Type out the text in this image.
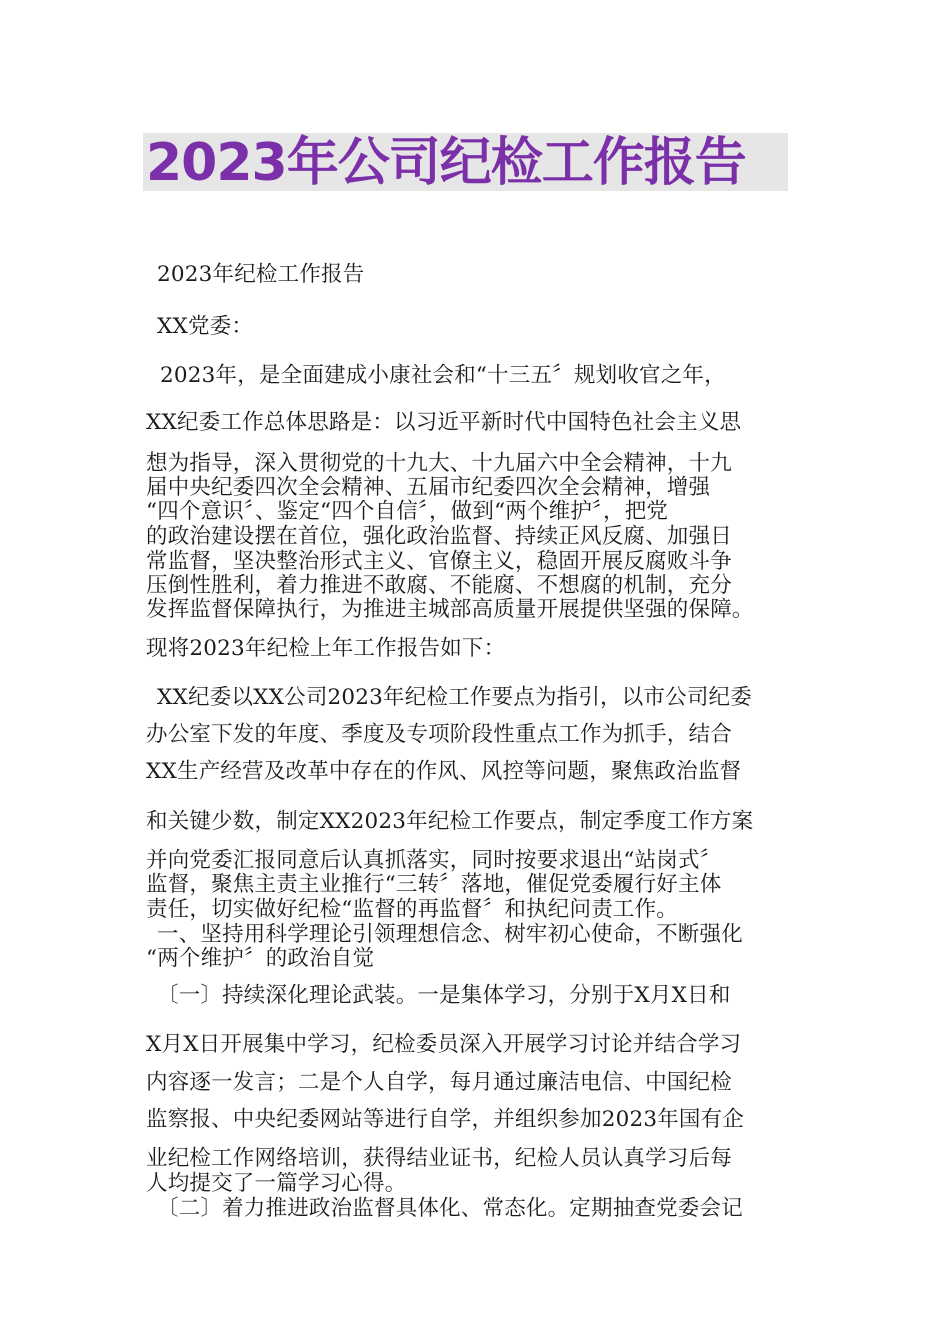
2023年公司纪检工作报告
2023年纪检工作报告
XX党委：
2023年，是全面建成小康社会和“十三五〞规划收官之年，
XX纪委工作总体思路是：以习近平新时代中国特色社会主义思
想为指导，深入贯彻党的十九大、十九届六中全会精神，十九
届中央纪委四次全会精神、五届市纪委四次全会精神，增强
“四个意识〞、鉴定“四个自信〞，做到“两个维护〞，把党
的政治建设摆在首位，强化政治监督、持续正风反腐、加强日
常监督，坚决整治形式主义、官僚主义，稳固开展反腐败斗争
压倒性胜利，着力推进不敢腐、不能腐、不想腐的机制，充分
发挥监督保障执行，为推进主城部高质量开展提供坚强的保障。
现将2023年纪检上年工作报告如下：
XX纪委以XX公司2023年纪检工作要点为指引，以市公司纪委
办公室下发的年度、季度及专项阶段性重点工作为抓手，结合
XX生产经营及改革中存在的作风、风控等问题，聚焦政治监督
和关键少数，制定XX2023年纪检工作要点，制定季度工作方案
并向党委汇报同意后认真抓落实，同时按要求退出“站岗式〞
监督，聚焦主责主业推行“三转〞落地，催促党委履行好主体
责任，切实做好纪检“监督的再监督〞和执纪问责工作。
一、坚持用科学理论引领理想信念、树牢初心使命，不断强化
“两个维护〞的政治自觉
〔一〕持续深化理论武装。一是集体学习，分别于X月X日和
X月X日开展集中学习，纪检委员深入开展学习讨论并结合学习
内容逐一发言；二是个人自学，每月通过廉洁电信、中国纪检
监察报、中央纪委网站等进行自学，并组织参加2023年国有企
业纪检工作网络培训，获得结业证书，纪检人员认真学习后每
人均提交了一篇学习心得。
〔二〕着力推进政治监督具体化、常态化。定期抽查党委会记
